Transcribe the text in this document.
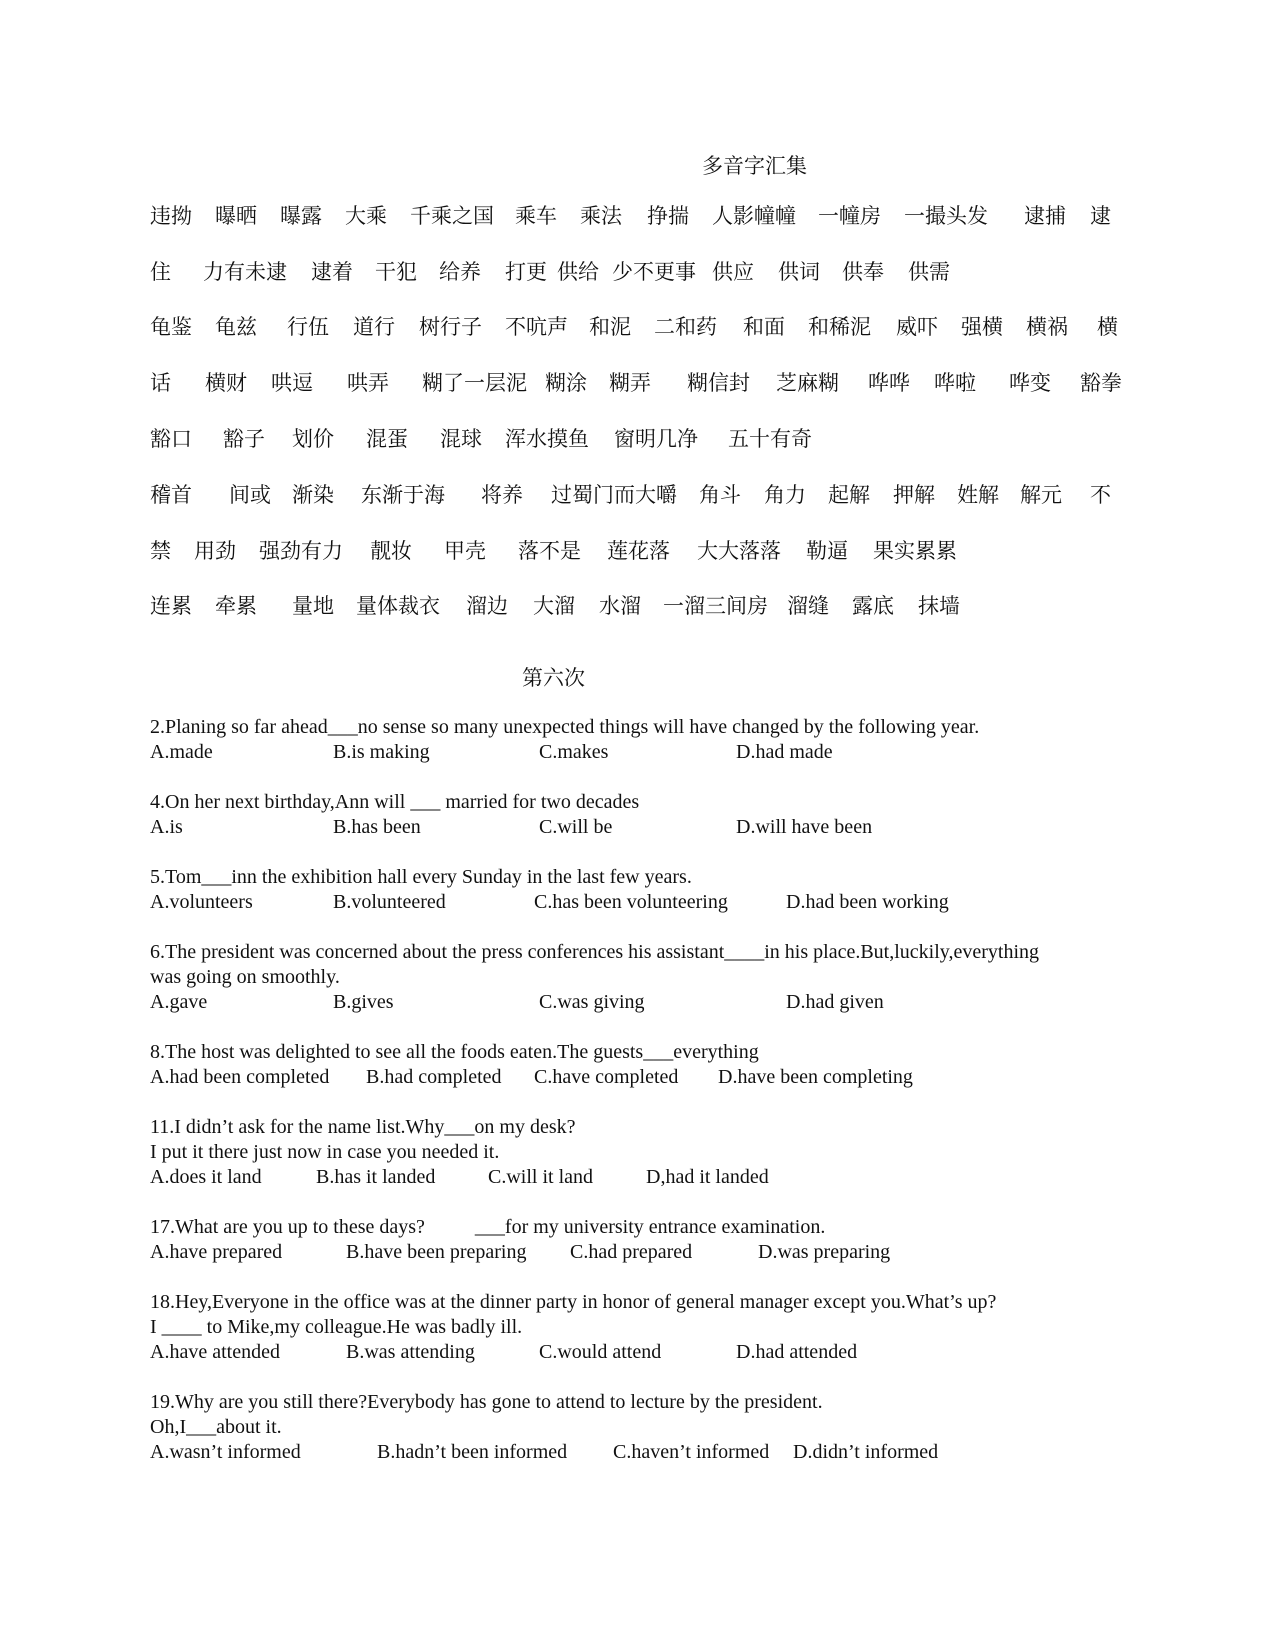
多音字汇集
违拗 曝晒 曝露 大乘 千乘之国 乘车 乘法 挣揣 人影幢幢 一幢房 一撮头发 逮捕 逮
住 力有未逮 逮着 干犯 给养 打更 供给 少不更事 供应 供词 供奉 供需
龟鉴 龟兹 行伍 道行 树行子 不吭声 和泥 二和药 和面 和稀泥 威吓 强横 横祸 横
话 横财 哄逗 哄弄 糊了一层泥 糊涂 糊弄 糊信封 芝麻糊 哗哗 哗啦 哗变 豁拳
豁口 豁子 划价 混蛋 混球 浑水摸鱼 窗明几净 五十有奇
稽首 间或 渐染 东渐于海 将养 过蜀门而大嚼 角斗 角力 起解 押解 姓解 解元 不
禁 用劲 强劲有力 靓妆 甲壳 落不是 莲花落 大大落落 勒逼 果实累累
连累 牵累 量地 量体裁衣 溜边 大溜 水溜 一溜三间房 溜缝 露底 抹墙
第六次
2.Planing so far ahead___no sense so many unexpected things will have changed by the following year.
A.made	B.is making	C.makes	D.had made
4.On her next birthday,Ann will ___ married for two decades
A.is	B.has been	C.will be	D.will have been
5.Tom___inn the exhibition hall every Sunday in the last few years.
A.volunteers	B.volunteered	C.has been volunteering	D.had been working
6.The president was concerned about the press conferences his assistant____in his place.But,luckily,everything
was going on smoothly.
A.gave	B.gives	C.was giving	D.had given
8.The host was delighted to see all the foods eaten.The guests___everything
A.had been completed B.had completed C.have completed D.have been completing
11.I didn’t ask for the name list.Why___on my desk?
I put it there just now in case you needed it.
A.does it land	B.has it landed	C.will it land	D,had it landed
17.What are you up to these days?          ___for my university entrance examination.
A.have prepared	B.have been preparing C.had prepared	D.was preparing
18.Hey,Everyone in the office was at the dinner party in honor of general manager except you.What’s up?
I ____ to Mike,my colleague.He was badly ill.
A.have attended	B.was attending	C.would attend	D.had attended
19.Why are you still there?Everybody has gone to attend to lecture by the president.
Oh,I___about it.
A.wasn’t informed	B.hadn’t been informed C.haven’t informed D.didn’t informed
